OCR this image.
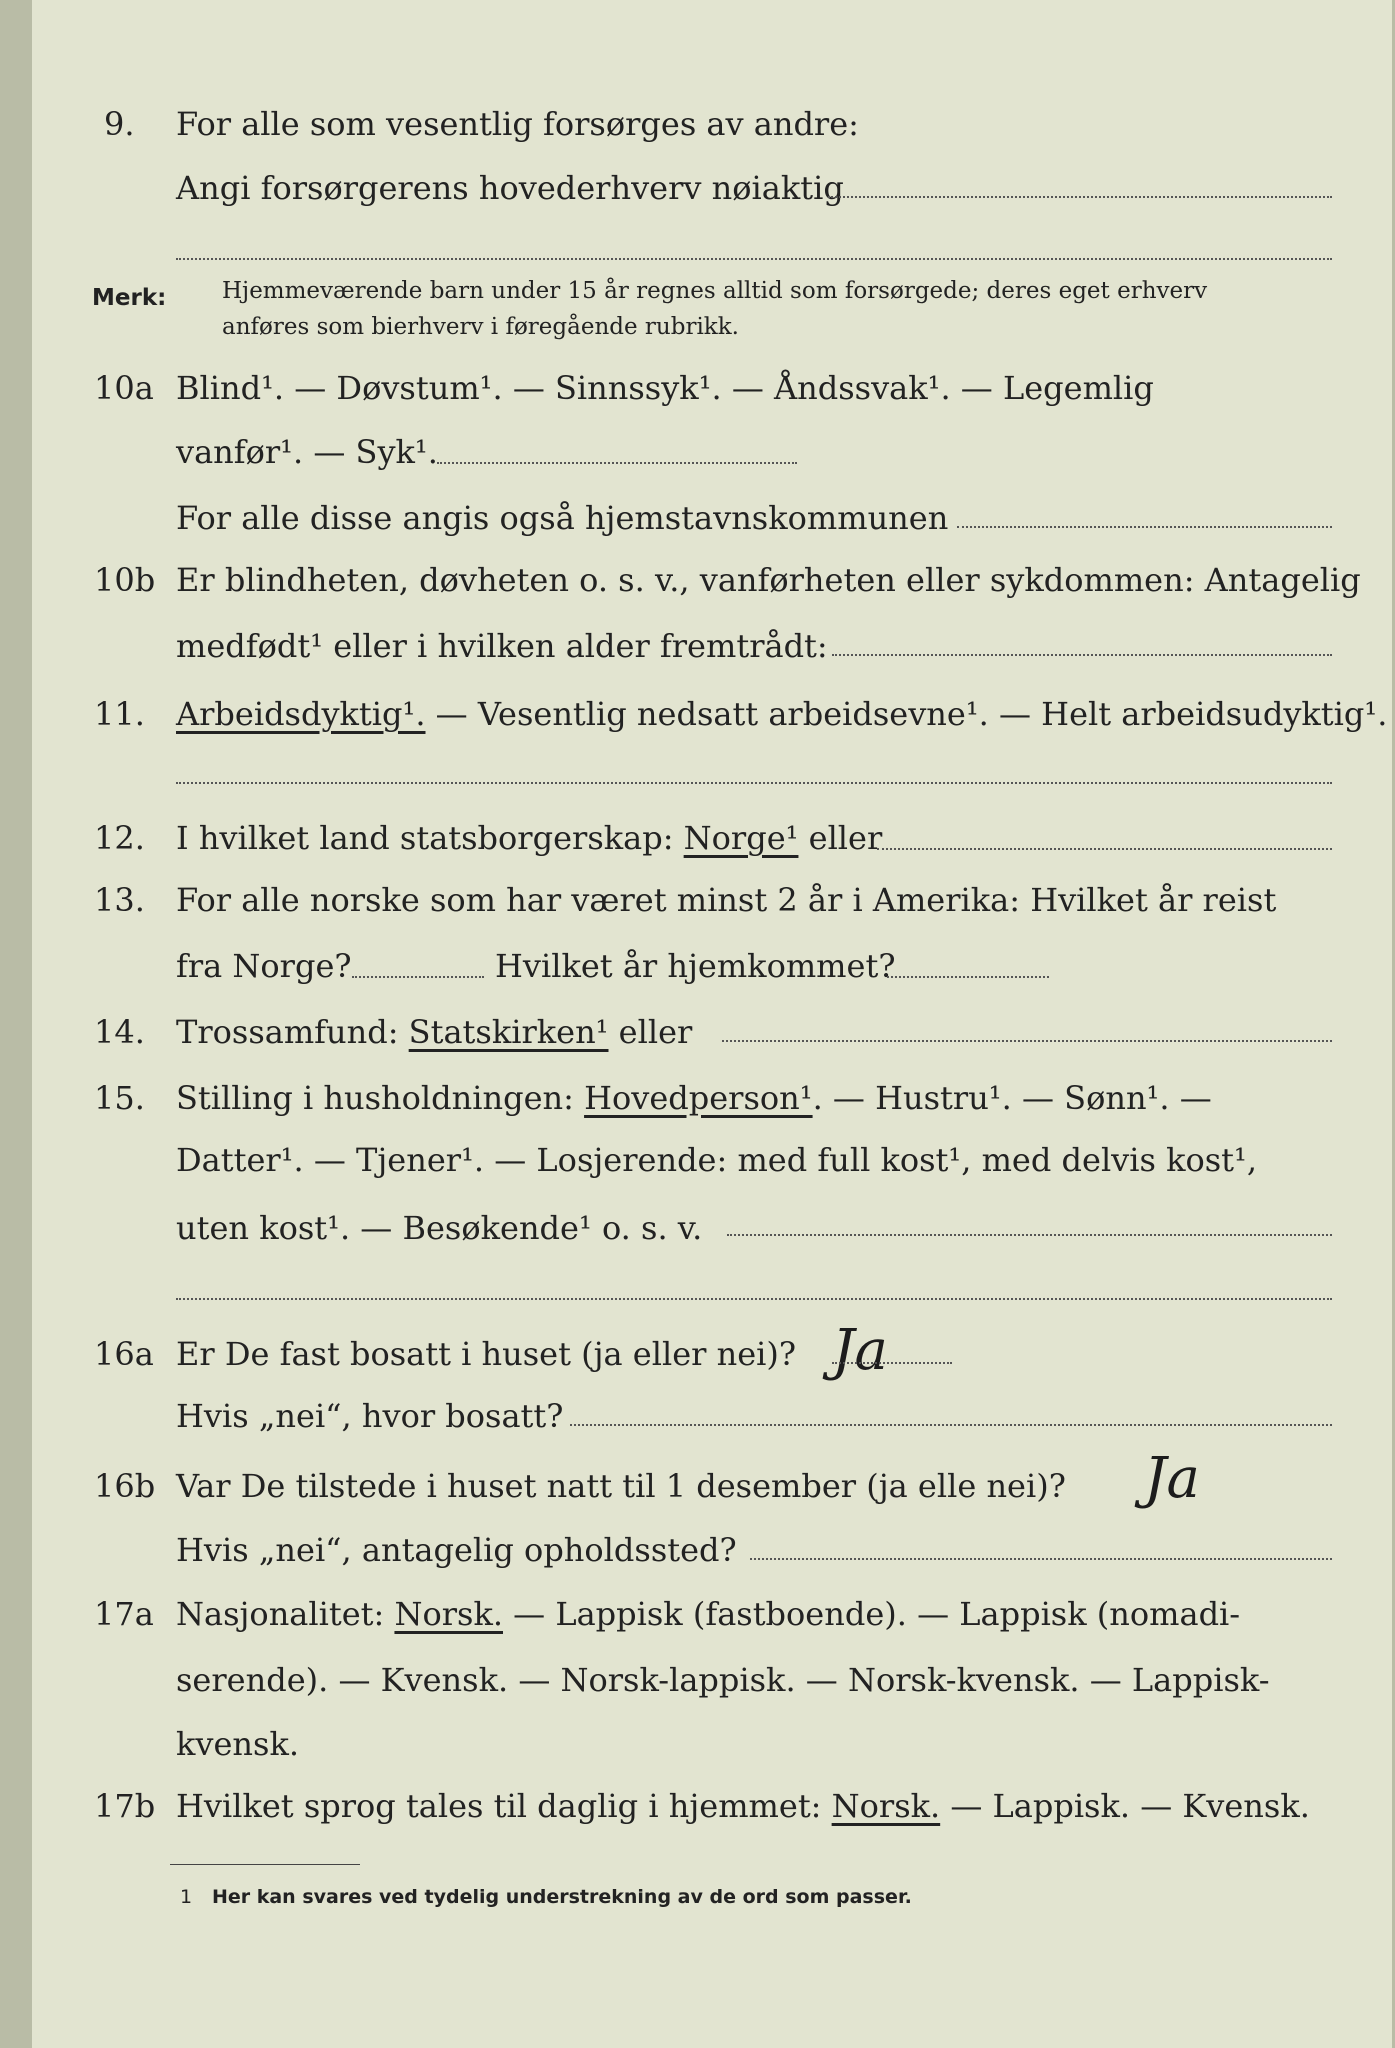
9. For alle som vesentlig forsørges av andre:
Angi forsørgerens hovederhverv nøiaktig
Merk: Hjemmeværende barn under 15 år regnes alltid som forsørgede; deres eget erhverv
anføres som bierhverv i føregående rubrikk.
10a Blind¹. — Døvstum¹. — Sinnssyk¹. — Åndssvak¹. — Legemlig
vanfør¹. — Syk¹.
For alle disse angis også hjemstavnskommunen
10b Er blindheten, døvheten o. s. v., vanførheten eller sykdommen: Antagelig
medfødt¹ eller i hvilken alder fremtrådt:
11. Arbeidsdyktig¹. — Vesentlig nedsatt arbeidsevne¹. — Helt arbeidsudyktig¹.
12. I hvilket land statsborgerskap: Norge¹ eller
13. For alle norske som har været minst 2 år i Amerika: Hvilket år reist
fra Norge?	Hvilket år hjemkommet?
14. Trossamfund: Statskirken¹ eller
15. Stilling i husholdningen: Hovedperson¹. — Hustru¹. — Sønn¹. —
Datter¹. — Tjener¹. — Losjerende: med full kost¹, med delvis kost¹,
uten kost¹. — Besøkende¹ o. s. v.
16a Er De fast bosatt i huset (ja eller nei)? Ja
Hvis „nei“, hvor bosatt?
16b Var De tilstede i huset natt til 1 desember (ja elle nei)? Ja
Hvis „nei“, antagelig opholdssted?
17a Nasjonalitet: Norsk. — Lappisk (fastboende). — Lappisk (nomadi-
serende). — Kvensk. — Norsk-lappisk. — Norsk-kvensk. — Lappisk-
kvensk.
17b Hvilket sprog tales til daglig i hjemmet: Norsk. — Lappisk. — Kvensk.
1 Her kan svares ved tydelig understrekning av de ord som passer.
